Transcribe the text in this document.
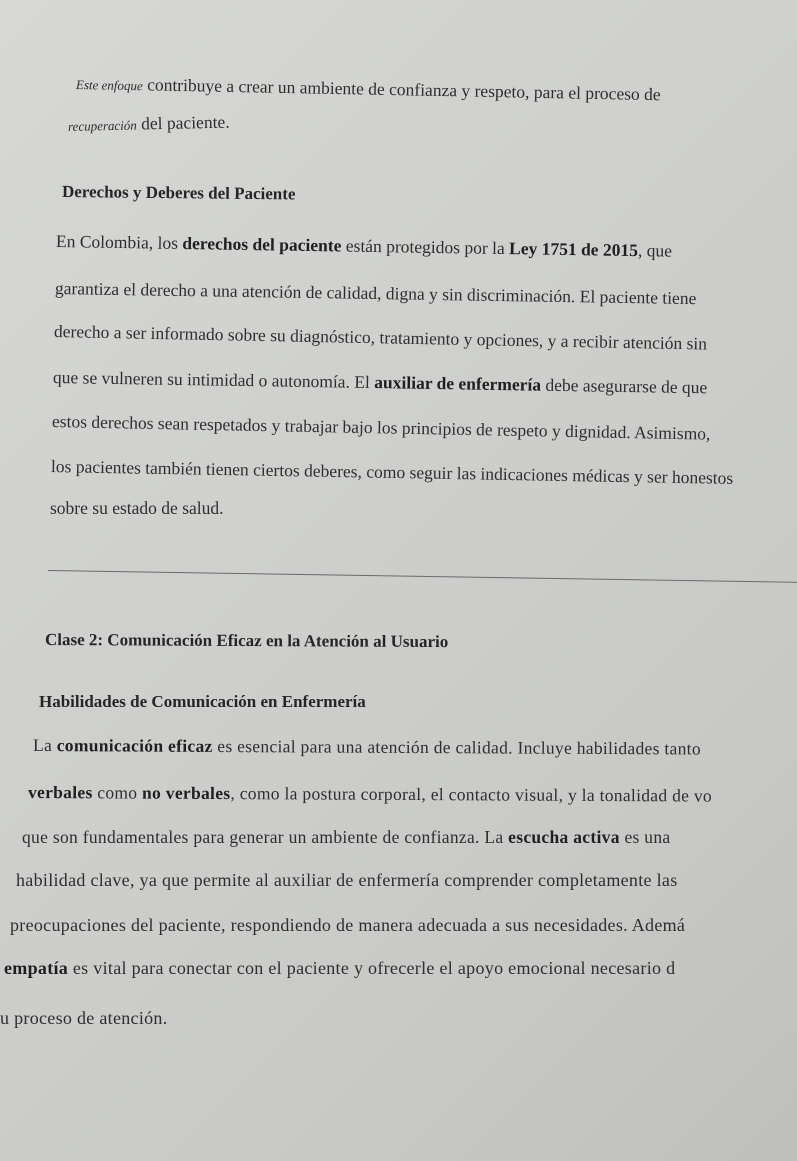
Este enfoque contribuye a crear un ambiente de confianza y respeto, para el proceso de
recuperación del paciente.
Derechos y Deberes del Paciente
En Colombia, los derechos del paciente están protegidos por la Ley 1751 de 2015, que
garantiza el derecho a una atención de calidad, digna y sin discriminación. El paciente tiene
derecho a ser informado sobre su diagnóstico, tratamiento y opciones, y a recibir atención sin
que se vulneren su intimidad o autonomía. El auxiliar de enfermería debe asegurarse de que
estos derechos sean respetados y trabajar bajo los principios de respeto y dignidad. Asimismo,
los pacientes también tienen ciertos deberes, como seguir las indicaciones médicas y ser honestos
sobre su estado de salud.
Clase 2: Comunicación Eficaz en la Atención al Usuario
Habilidades de Comunicación en Enfermería
La comunicación eficaz es esencial para una atención de calidad. Incluye habilidades tanto
verbales como no verbales, como la postura corporal, el contacto visual, y la tonalidad de vo
que son fundamentales para generar un ambiente de confianza. La escucha activa es una
habilidad clave, ya que permite al auxiliar de enfermería comprender completamente las
preocupaciones del paciente, respondiendo de manera adecuada a sus necesidades. Ademá
empatía es vital para conectar con el paciente y ofrecerle el apoyo emocional necesario d
u proceso de atención.
